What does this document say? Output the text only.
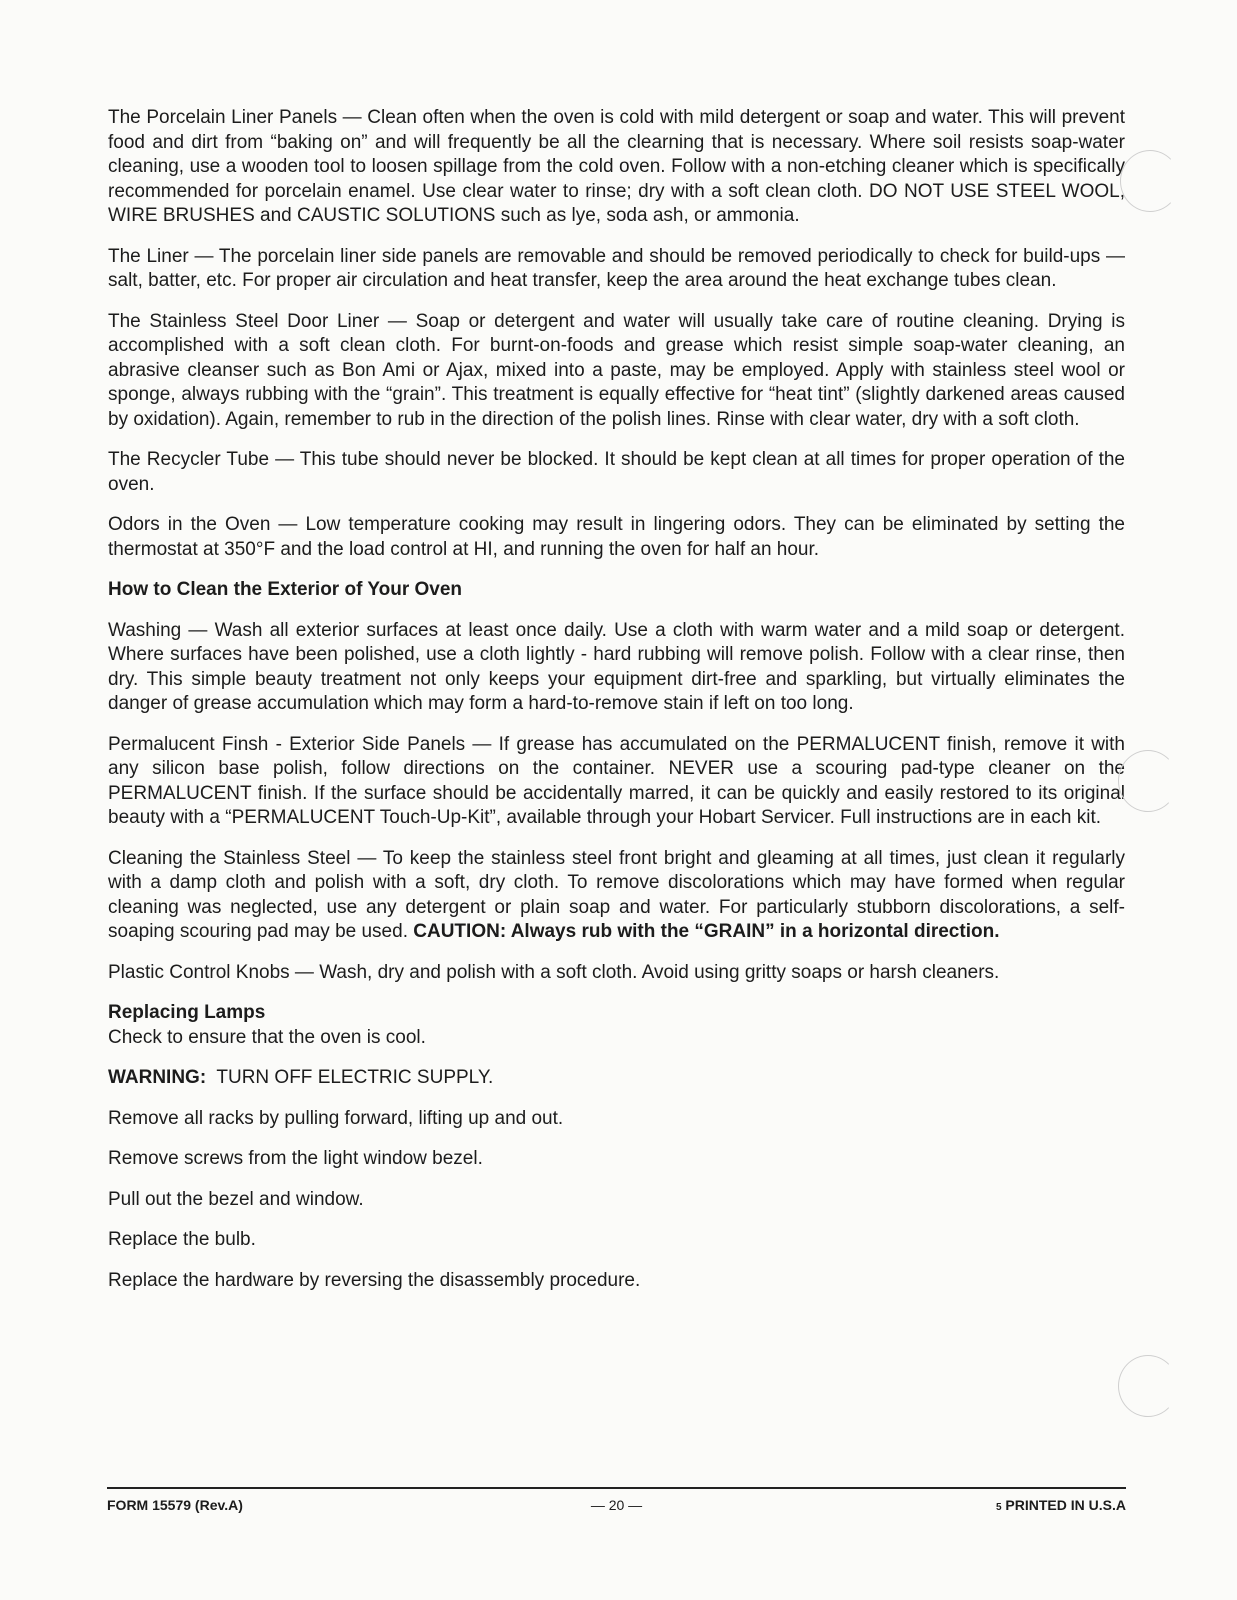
The Porcelain Liner Panels — Clean often when the oven is cold with mild detergent or soap and water. This will prevent food and dirt from “baking on” and will frequently be all the clearning that is necessary. Where soil resists soap-water cleaning, use a wooden tool to loosen spillage from the cold oven. Follow with a non-etching cleaner which is specifically recommended for porcelain enamel. Use clear water to rinse; dry with a soft clean cloth. DO NOT USE STEEL WOOL, WIRE BRUSHES and CAUSTIC SOLUTIONS such as lye, soda ash, or ammonia.

The Liner — The porcelain liner side panels are removable and should be removed periodically to check for build-ups — salt, batter, etc. For proper air circulation and heat transfer, keep the area around the heat exchange tubes clean.

The Stainless Steel Door Liner — Soap or detergent and water will usually take care of routine cleaning. Drying is accomplished with a soft clean cloth. For burnt-on-foods and grease which resist simple soap-water cleaning, an abrasive cleanser such as Bon Ami or Ajax, mixed into a paste, may be employed. Apply with stainless steel wool or sponge, always rubbing with the “grain”. This treatment is equally effective for “heat tint” (slightly darkened areas caused by oxidation). Again, remember to rub in the direction of the polish lines. Rinse with clear water, dry with a soft cloth.

The Recycler Tube — This tube should never be blocked. It should be kept clean at all times for proper operation of the oven.

Odors in the Oven — Low temperature cooking may result in lingering odors. They can be eliminated by setting the thermostat at 350°F and the load control at HI, and running the oven for half an hour.

How to Clean the Exterior of Your Oven

Washing — Wash all exterior surfaces at least once daily. Use a cloth with warm water and a mild soap or detergent. Where surfaces have been polished, use a cloth lightly - hard rubbing will remove polish. Follow with a clear rinse, then dry. This simple beauty treatment not only keeps your equipment dirt-free and sparkling, but virtually eliminates the danger of grease accumulation which may form a hard-to-remove stain if left on too long.

Permalucent Finsh - Exterior Side Panels — If grease has accumulated on the PERMALUCENT finish, remove it with any silicon base polish, follow directions on the container. NEVER use a scouring pad-type cleaner on the PERMALUCENT finish. If the surface should be accidentally marred, it can be quickly and easily restored to its original beauty with a “PERMALUCENT Touch-Up-Kit”, available through your Hobart Servicer. Full instructions are in each kit.

Cleaning the Stainless Steel — To keep the stainless steel front bright and gleaming at all times, just clean it regularly with a damp cloth and polish with a soft, dry cloth. To remove discolorations which may have formed when regular cleaning was neglected, use any detergent or plain soap and water. For particularly stubborn discolorations, a self-soaping scouring pad may be used. CAUTION: Always rub with the “GRAIN” in a horizontal direction.

Plastic Control Knobs — Wash, dry and polish with a soft cloth. Avoid using gritty soaps or harsh cleaners.

Replacing Lamps

Check to ensure that the oven is cool.

WARNING: TURN OFF ELECTRIC SUPPLY.

Remove all racks by pulling forward, lifting up and out.

Remove screws from the light window bezel.

Pull out the bezel and window.

Replace the bulb.

Replace the hardware by reversing the disassembly procedure.

FORM 15579 (Rev.A)	— 20 —	5 PRINTED IN U.S.A
